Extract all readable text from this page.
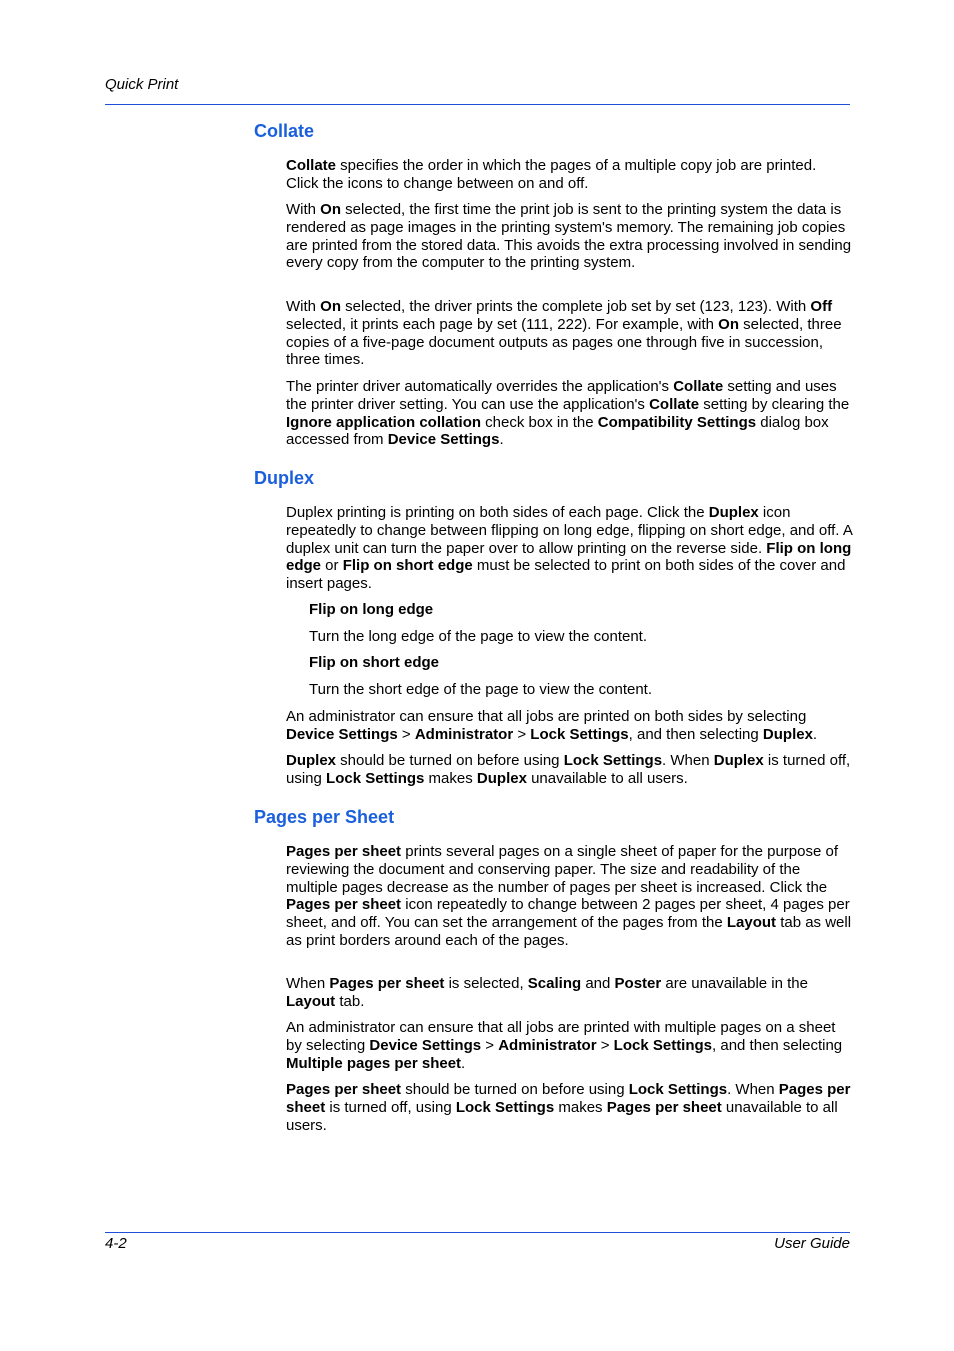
Quick Print
Collate
Collate specifies the order in which the pages of a multiple copy job are printed. Click the icons to change between on and off.
With On selected, the first time the print job is sent to the printing system the data is rendered as page images in the printing system's memory. The remaining job copies are printed from the stored data. This avoids the extra processing involved in sending every copy from the computer to the printing system.
With On selected, the driver prints the complete job set by set (123, 123). With Off selected, it prints each page by set (111, 222). For example, with On selected, three copies of a five-page document outputs as pages one through five in succession, three times.
The printer driver automatically overrides the application's Collate setting and uses the printer driver setting. You can use the application's Collate setting by clearing the Ignore application collation check box in the Compatibility Settings dialog box accessed from Device Settings.
Duplex
Duplex printing is printing on both sides of each page. Click the Duplex icon repeatedly to change between flipping on long edge, flipping on short edge, and off. A duplex unit can turn the paper over to allow printing on the reverse side. Flip on long edge or Flip on short edge must be selected to print on both sides of the cover and insert pages.
Flip on long edge
Turn the long edge of the page to view the content.
Flip on short edge
Turn the short edge of the page to view the content.
An administrator can ensure that all jobs are printed on both sides by selecting Device Settings > Administrator > Lock Settings, and then selecting Duplex.
Duplex should be turned on before using Lock Settings. When Duplex is turned off, using Lock Settings makes Duplex unavailable to all users.
Pages per Sheet
Pages per sheet prints several pages on a single sheet of paper for the purpose of reviewing the document and conserving paper. The size and readability of the multiple pages decrease as the number of pages per sheet is increased. Click the Pages per sheet icon repeatedly to change between 2 pages per sheet, 4 pages per sheet, and off. You can set the arrangement of the pages from the Layout tab as well as print borders around each of the pages.
When Pages per sheet is selected, Scaling and Poster are unavailable in the Layout tab.
An administrator can ensure that all jobs are printed with multiple pages on a sheet by selecting Device Settings > Administrator > Lock Settings, and then selecting Multiple pages per sheet.
Pages per sheet should be turned on before using Lock Settings. When Pages per sheet is turned off, using Lock Settings makes Pages per sheet unavailable to all users.
4-2	User Guide
